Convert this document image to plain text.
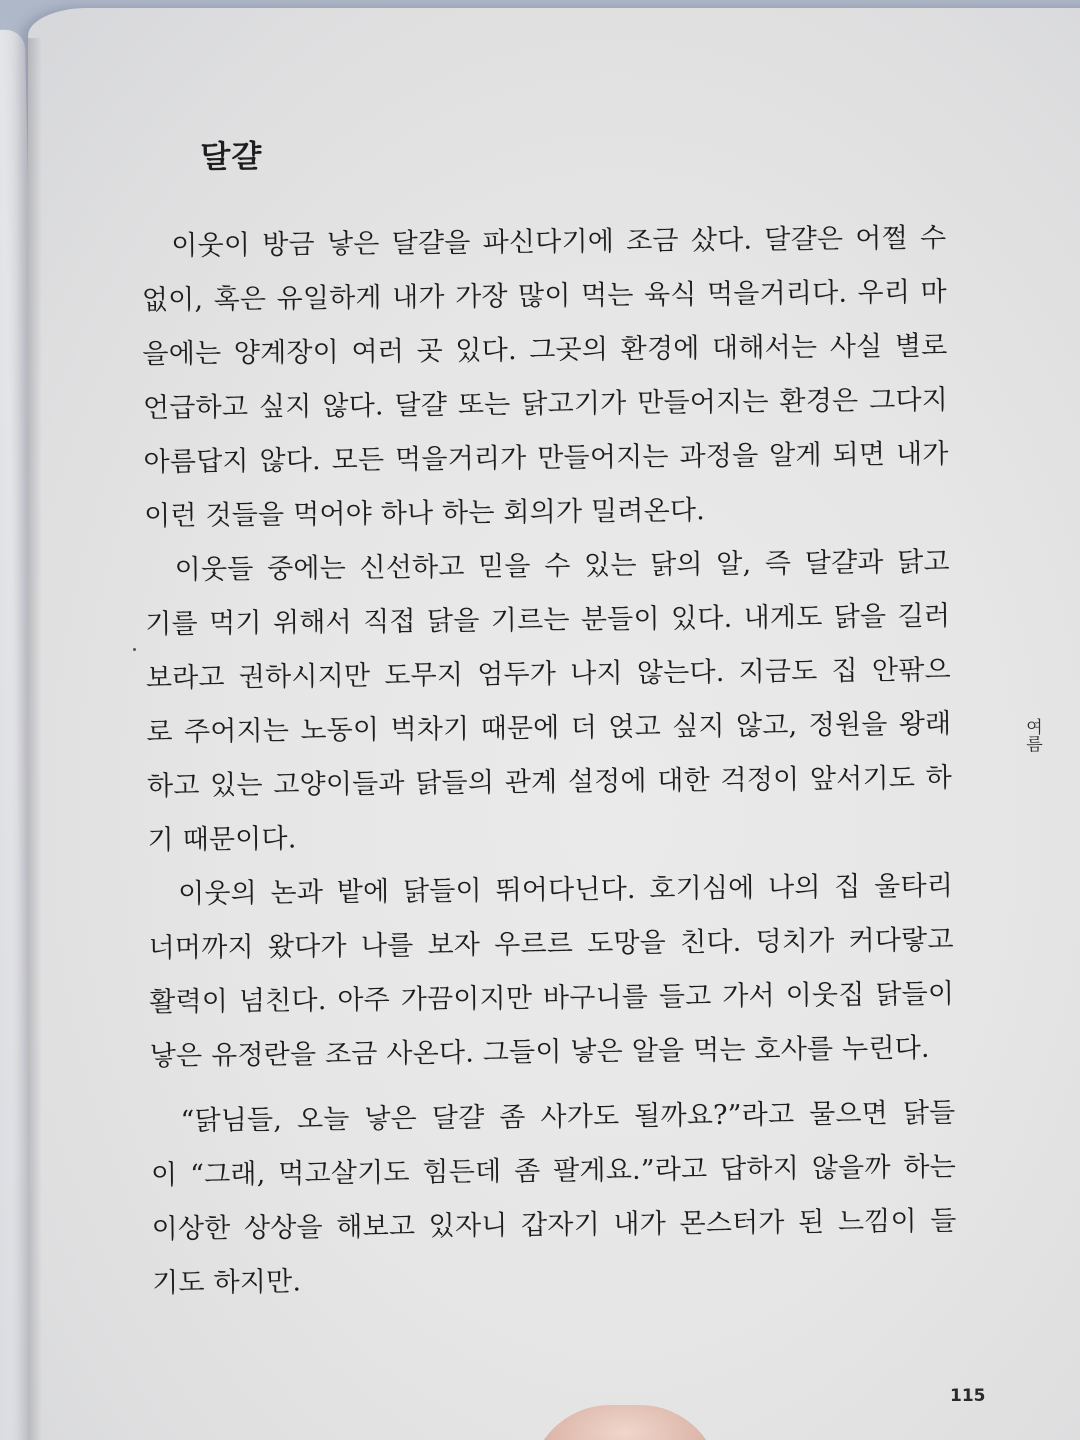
달걀
이웃이 방금 낳은 달걀을 파신다기에 조금 샀다. 달걀은 어쩔 수
없이, 혹은 유일하게 내가 가장 많이 먹는 육식 먹을거리다. 우리 마
을에는 양계장이 여러 곳 있다. 그곳의 환경에 대해서는 사실 별로
언급하고 싶지 않다. 달걀 또는 닭고기가 만들어지는 환경은 그다지
아름답지 않다. 모든 먹을거리가 만들어지는 과정을 알게 되면 내가
이런 것들을 먹어야 하나 하는 회의가 밀려온다.
이웃들 중에는 신선하고 믿을 수 있는 닭의 알, 즉 달걀과 닭고
기를 먹기 위해서 직접 닭을 기르는 분들이 있다. 내게도 닭을 길러
보라고 권하시지만 도무지 엄두가 나지 않는다. 지금도 집 안팎으
로 주어지는 노동이 벅차기 때문에 더 얹고 싶지 않고, 정원을 왕래
하고 있는 고양이들과 닭들의 관계 설정에 대한 걱정이 앞서기도 하
기 때문이다.
이웃의 논과 밭에 닭들이 뛰어다닌다. 호기심에 나의 집 울타리
너머까지 왔다가 나를 보자 우르르 도망을 친다. 덩치가 커다랗고
활력이 넘친다. 아주 가끔이지만 바구니를 들고 가서 이웃집 닭들이
낳은 유정란을 조금 사온다. 그들이 낳은 알을 먹는 호사를 누린다.
“닭님들, 오늘 낳은 달걀 좀 사가도 될까요?”라고 물으면 닭들
이 “그래, 먹고살기도 힘든데 좀 팔게요.”라고 답하지 않을까 하는
이상한 상상을 해보고 있자니 갑자기 내가 몬스터가 된 느낌이 들
기도 하지만.
여름
115
